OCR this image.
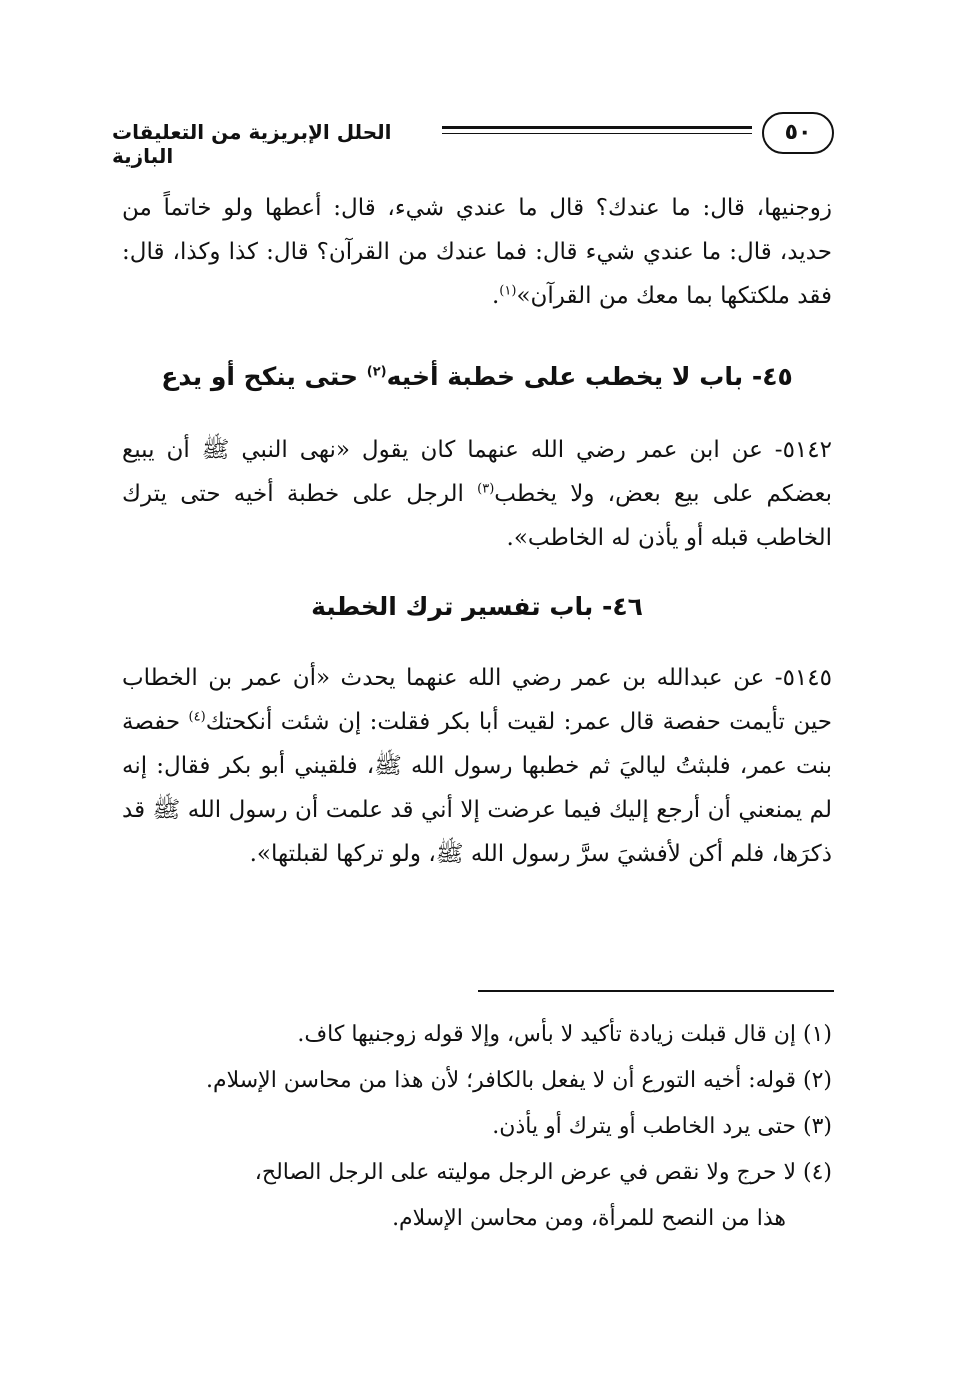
الحلل الإبريزية من التعليقات البازية
٥٠

زوجنيها، قال: ما عندك؟ قال ما عندي شيء، قال: أعطها ولو خاتماً من حديد، قال: ما عندي شيء قال: فما عندك من القرآن؟ قال: كذا وكذا، قال: فقد ملكتكها بما معك من القرآن»$^{(١)}$.

٤٥- باب لا يخطب على خطبة أخيه$^{(٢)}$ حتى ينكح أو يدع

٥١٤٢- عن ابن عمر رضي الله عنهما كان يقول «نهى النبي ﷺ أن يبيع بعضكم على بيع بعض، ولا يخطب$^{(٣)}$ الرجل على خطبة أخيه حتى يترك الخاطب قبله أو يأذن له الخاطب».

٤٦- باب تفسير ترك الخطبة

٥١٤٥- عن عبدالله بن عمر رضي الله عنهما يحدث «أن عمر بن الخطاب حين تأيمت حفصة قال عمر: لقيت أبا بكر فقلت: إن شئت أنكحتك$^{(٤)}$ حفصة بنت عمر، فلبثتُ لياليَ ثم خطبها رسول الله ﷺ، فلقيني أبو بكر فقال: إنه لم يمنعني أن أرجع إليك فيما عرضت إلا أني قد علمت أن رسول الله ﷺ قد ذكرَها، فلم أكن لأفشيَ سرَّ رسول الله ﷺ، ولو تركها لقبلتها».

(١) إن قال قبلت زيادة تأكيد لا بأس، وإلا قوله زوجنيها كاف.

(٢) قوله: أخيه التورع أن لا يفعل بالكافر؛ لأن هذا من محاسن الإسلام.

(٣) حتى يرد الخاطب أو يترك أو يأذن.

(٤) لا حرج ولا نقص في عرض الرجل موليته على الرجل الصالح،

هذا من النصح للمرأة، ومن محاسن الإسلام.
